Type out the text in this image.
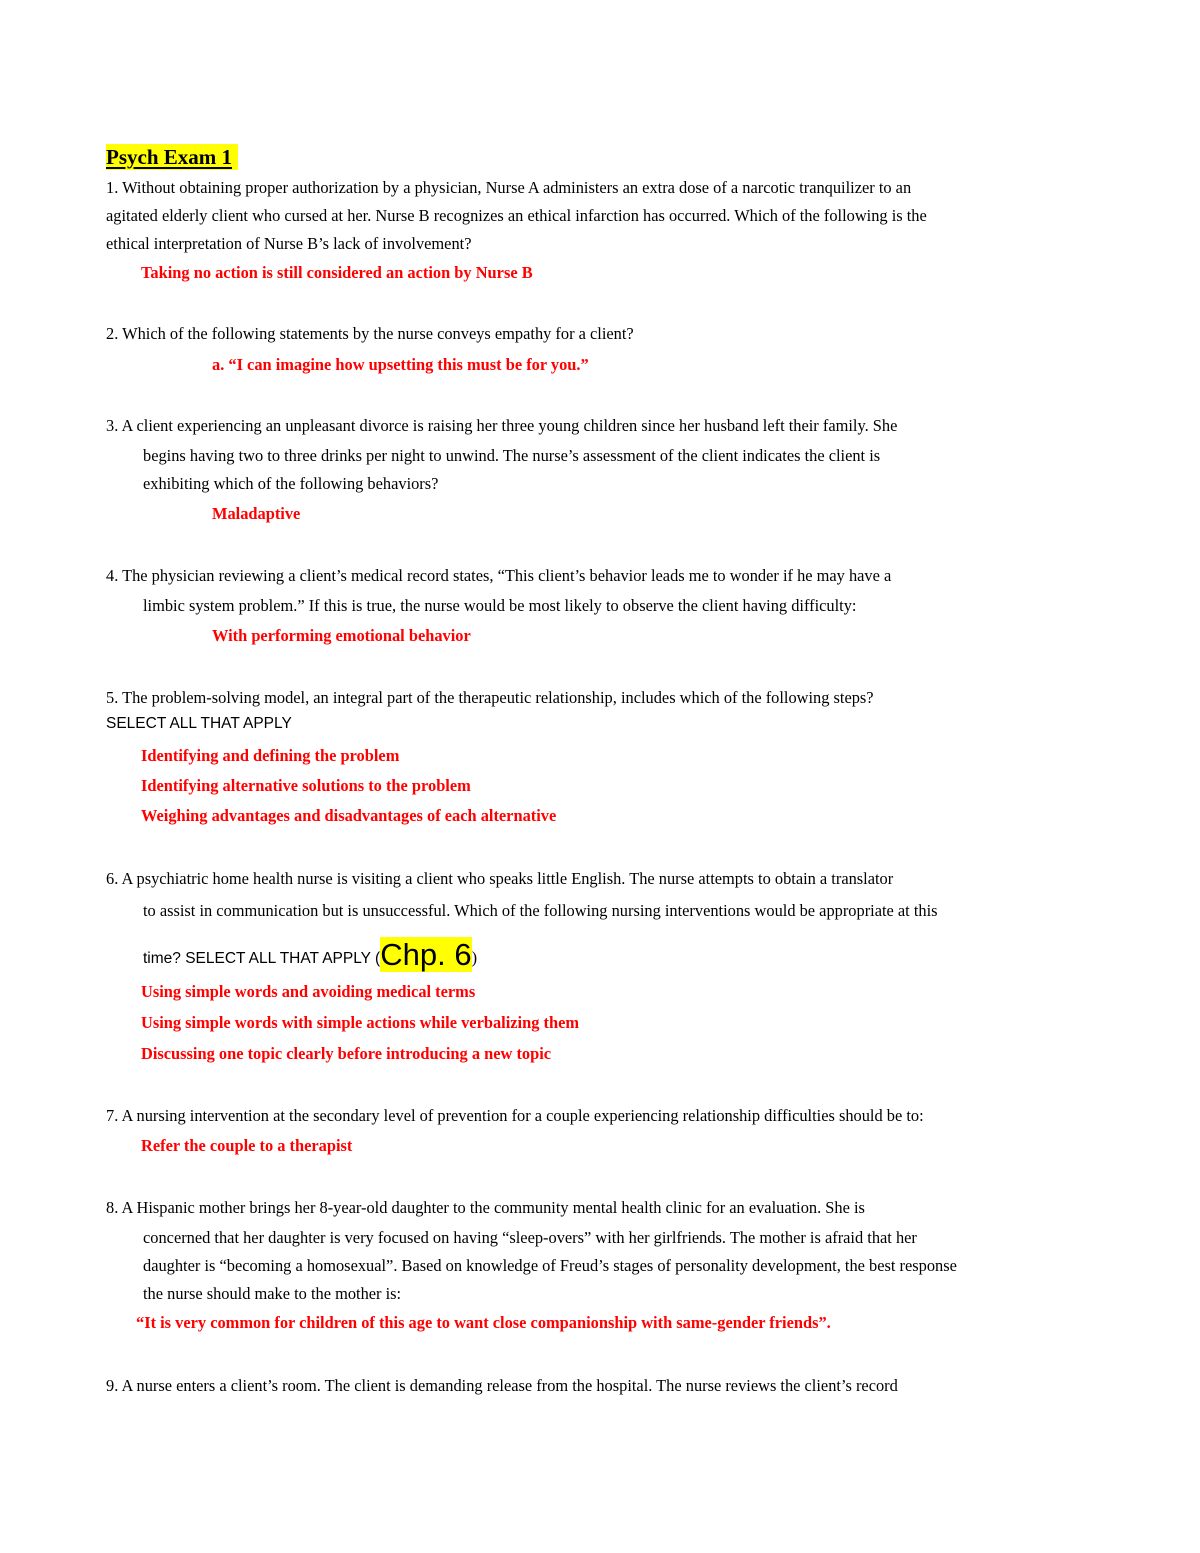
Psych Exam 1
1. Without obtaining proper authorization by a physician, Nurse A administers an extra dose of a narcotic tranquilizer to an
agitated elderly client who cursed at her. Nurse B recognizes an ethical infarction has occurred. Which of the following is the
ethical interpretation of Nurse B’s lack of involvement?
Taking no action is still considered an action by Nurse B
2. Which of the following statements by the nurse conveys empathy for a client?
a. “I can imagine how upsetting this must be for you.”
3. A client experiencing an unpleasant divorce is raising her three young children since her husband left their family. She
begins having two to three drinks per night to unwind. The nurse’s assessment of the client indicates the client is
exhibiting which of the following behaviors?
Maladaptive
4. The physician reviewing a client’s medical record states, “This client’s behavior leads me to wonder if he may have a
limbic system problem.” If this is true, the nurse would be most likely to observe the client having difficulty:
With performing emotional behavior
5. The problem-solving model, an integral part of the therapeutic relationship, includes which of the following steps?
SELECT ALL THAT APPLY
Identifying and defining the problem
Identifying alternative solutions to the problem
Weighing advantages and disadvantages of each alternative
6. A psychiatric home health nurse is visiting a client who speaks little English. The nurse attempts to obtain a translator
to assist in communication but is unsuccessful. Which of the following nursing interventions would be appropriate at this
time? SELECT ALL THAT APPLY (Chp. 6)
Using simple words and avoiding medical terms
Using simple words with simple actions while verbalizing them
Discussing one topic clearly before introducing a new topic
7. A nursing intervention at the secondary level of prevention for a couple experiencing relationship difficulties should be to:
Refer the couple to a therapist
8. A Hispanic mother brings her 8-year-old daughter to the community mental health clinic for an evaluation. She is
concerned that her daughter is very focused on having “sleep-overs” with her girlfriends. The mother is afraid that her
daughter is “becoming a homosexual”. Based on knowledge of Freud’s stages of personality development, the best response
the nurse should make to the mother is:
“It is very common for children of this age to want close companionship with same-gender friends”.
9. A nurse enters a client’s room. The client is demanding release from the hospital. The nurse reviews the client’s record
